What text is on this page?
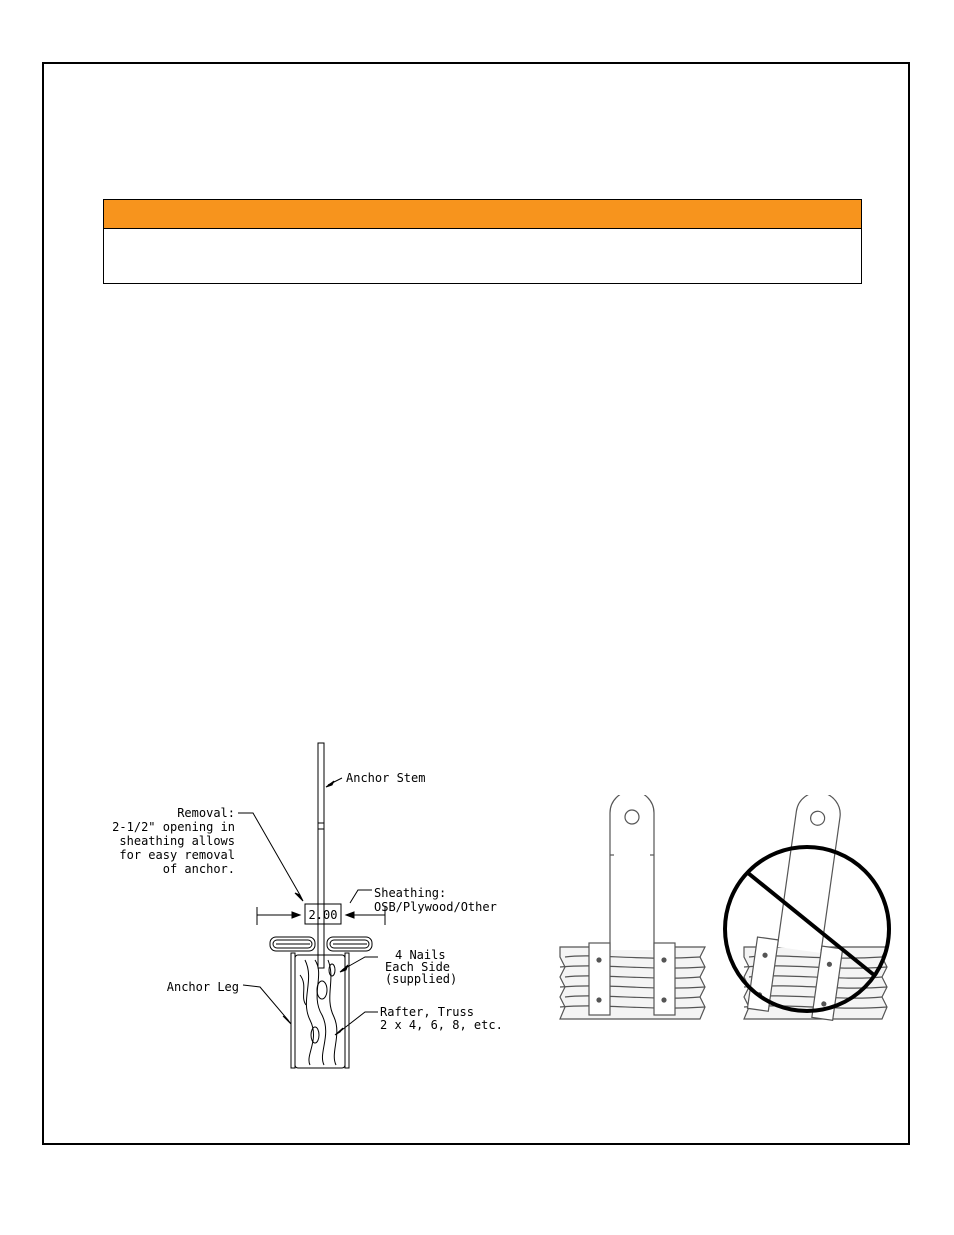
Anchor Stem
Removal:
2-1/2" opening in
sheathing allows
for easy removal
of anchor.
2.00
Sheathing:
OSB/Plywood/Other
4 Nails
Each Side
(supplied)
Anchor Leg
Rafter, Truss
2 x 4, 6, 8, etc.
